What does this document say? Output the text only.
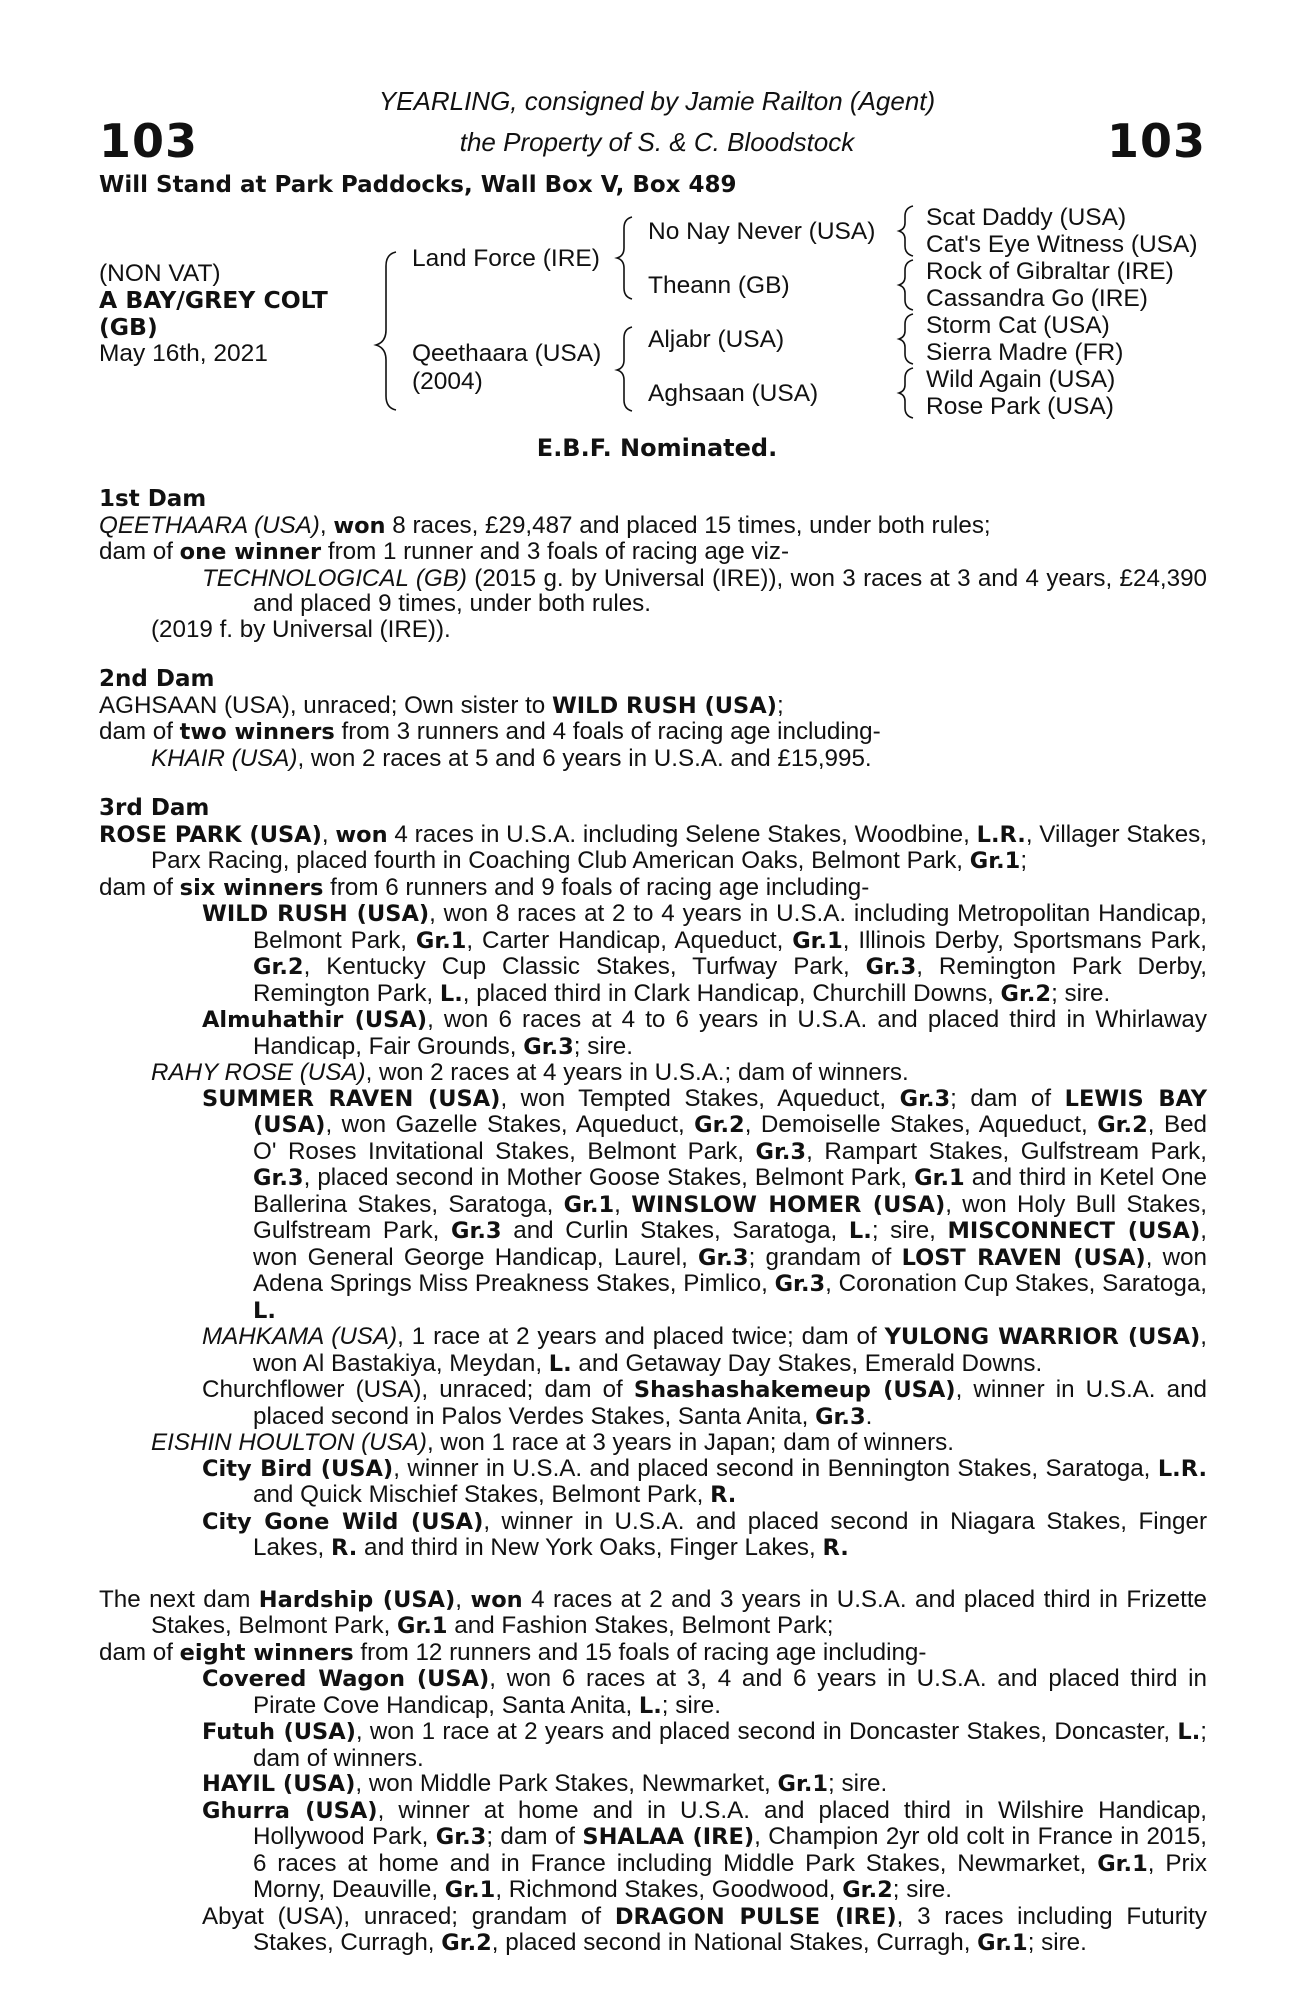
103	103
YEARLING, consigned by Jamie Railton (Agent)
the Property of S. & C. Bloodstock
Will Stand at Park Paddocks, Wall Box V, Box 489
(NON VAT)
A BAY/GREY COLT
(GB)
May 16th, 2021
Land Force (IRE)
Qeethaara (USA)
(2004)
No Nay Never (USA)
Theann (GB)
Aljabr (USA)
Aghsaan (USA)
Scat Daddy (USA)
Cat's Eye Witness (USA)
Rock of Gibraltar (IRE)
Cassandra Go (IRE)
Storm Cat (USA)
Sierra Madre (FR)
Wild Again (USA)
Rose Park (USA)
E.B.F. Nominated.

1st Dam

QEETHAARA (USA), won 8 races, £29,487 and placed 15 times, under both rules;

dam of one winner from 1 runner and 3 foals of racing age viz-

TECHNOLOGICAL (GB) (2015 g. by Universal (IRE)), won 3 races at 3 and 4 years, £24,390 and placed 9 times, under both rules.

(2019 f. by Universal (IRE)).

2nd Dam

AGHSAAN (USA), unraced; Own sister to WILD RUSH (USA);

dam of two winners from 3 runners and 4 foals of racing age including-

KHAIR (USA), won 2 races at 5 and 6 years in U.S.A. and £15,995.

3rd Dam

ROSE PARK (USA), won 4 races in U.S.A. including Selene Stakes, Woodbine, L.R., Villager Stakes, Parx Racing, placed fourth in Coaching Club American Oaks, Belmont Park, Gr.1;

dam of six winners from 6 runners and 9 foals of racing age including-

WILD RUSH (USA), won 8 races at 2 to 4 years in U.S.A. including Metropolitan Handicap, Belmont Park, Gr.1, Carter Handicap, Aqueduct, Gr.1, Illinois Derby, Sportsmans Park, Gr.2, Kentucky Cup Classic Stakes, Turfway Park, Gr.3, Remington Park Derby, Remington Park, L., placed third in Clark Handicap, Churchill Downs, Gr.2; sire.

Almuhathir (USA), won 6 races at 4 to 6 years in U.S.A. and placed third in Whirlaway Handicap, Fair Grounds, Gr.3; sire.

RAHY ROSE (USA), won 2 races at 4 years in U.S.A.; dam of winners.

SUMMER RAVEN (USA), won Tempted Stakes, Aqueduct, Gr.3; dam of LEWIS BAY (USA), won Gazelle Stakes, Aqueduct, Gr.2, Demoiselle Stakes, Aqueduct, Gr.2, Bed O' Roses Invitational Stakes, Belmont Park, Gr.3, Rampart Stakes, Gulfstream Park, Gr.3, placed second in Mother Goose Stakes, Belmont Park, Gr.1 and third in Ketel One Ballerina Stakes, Saratoga, Gr.1, WINSLOW HOMER (USA), won Holy Bull Stakes, Gulfstream Park, Gr.3 and Curlin Stakes, Saratoga, L.; sire, MISCONNECT (USA), won General George Handicap, Laurel, Gr.3; grandam of LOST RAVEN (USA), won Adena Springs Miss Preakness Stakes, Pimlico, Gr.3, Coronation Cup Stakes, Saratoga, L.

MAHKAMA (USA), 1 race at 2 years and placed twice; dam of YULONG WARRIOR (USA), won Al Bastakiya, Meydan, L. and Getaway Day Stakes, Emerald Downs.

Churchflower (USA), unraced; dam of Shashashakemeup (USA), winner in U.S.A. and placed second in Palos Verdes Stakes, Santa Anita, Gr.3.

EISHIN HOULTON (USA), won 1 race at 3 years in Japan; dam of winners.

City Bird (USA), winner in U.S.A. and placed second in Bennington Stakes, Saratoga, L.R. and Quick Mischief Stakes, Belmont Park, R.

City Gone Wild (USA), winner in U.S.A. and placed second in Niagara Stakes, Finger Lakes, R. and third in New York Oaks, Finger Lakes, R.

The next dam Hardship (USA), won 4 races at 2 and 3 years in U.S.A. and placed third in Frizette Stakes, Belmont Park, Gr.1 and Fashion Stakes, Belmont Park;

dam of eight winners from 12 runners and 15 foals of racing age including-

Covered Wagon (USA), won 6 races at 3, 4 and 6 years in U.S.A. and placed third in Pirate Cove Handicap, Santa Anita, L.; sire.

Futuh (USA), won 1 race at 2 years and placed second in Doncaster Stakes, Doncaster, L.; dam of winners.

HAYIL (USA), won Middle Park Stakes, Newmarket, Gr.1; sire.

Ghurra (USA), winner at home and in U.S.A. and placed third in Wilshire Handicap, Hollywood Park, Gr.3; dam of SHALAA (IRE), Champion 2yr old colt in France in 2015, 6 races at home and in France including Middle Park Stakes, Newmarket, Gr.1, Prix Morny, Deauville, Gr.1, Richmond Stakes, Goodwood, Gr.2; sire.

Abyat (USA), unraced; grandam of DRAGON PULSE (IRE), 3 races including Futurity Stakes, Curragh, Gr.2, placed second in National Stakes, Curragh, Gr.1; sire.
